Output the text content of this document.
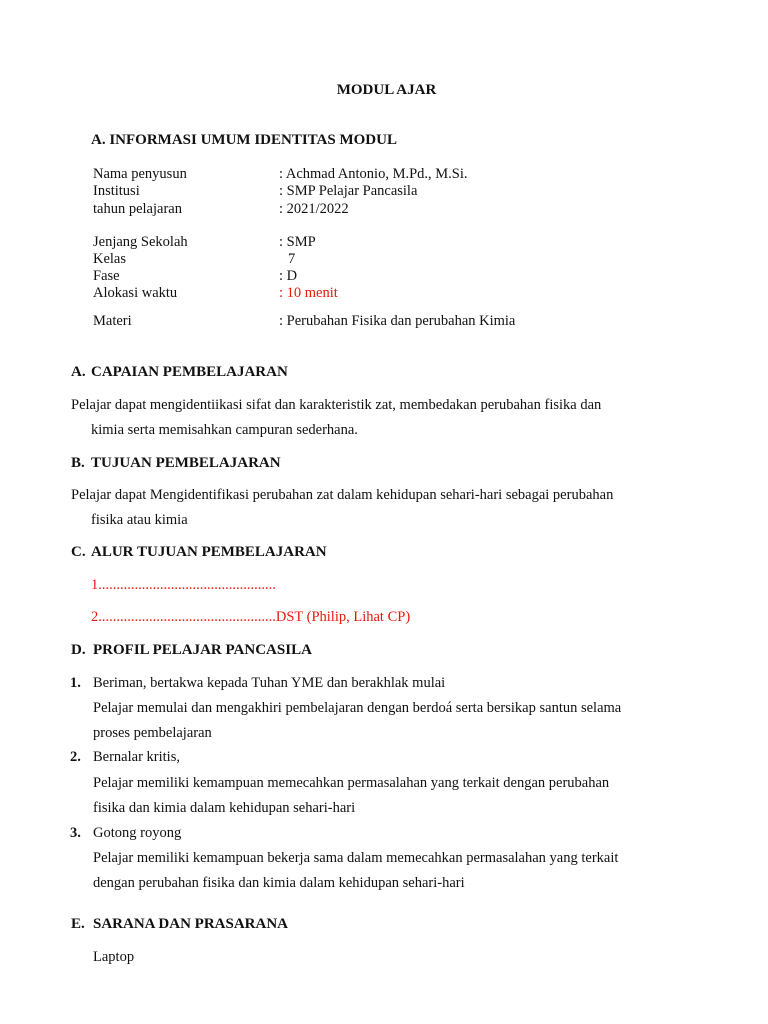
MODUL AJAR
A. INFORMASI UMUM IDENTITAS MODUL
Nama penyusun	: Achmad Antonio, M.Pd., M.Si.
Institusi	: SMP Pelajar Pancasila
tahun pelajaran	: 2021/2022
Jenjang Sekolah	: SMP
Kelas	7
Fase	: D
Alokasi waktu	: 10 menit
Materi	: Perubahan Fisika dan perubahan Kimia
A. CAPAIAN PEMBELAJARAN
Pelajar dapat mengidentiikasi sifat dan karakteristik zat, membedakan perubahan fisika dan
kimia serta memisahkan campuran sederhana.
B. TUJUAN PEMBELAJARAN
Pelajar dapat Mengidentifikasi perubahan zat dalam kehidupan sehari-hari sebagai perubahan
fisika atau kimia
C. ALUR TUJUAN PEMBELAJARAN
1.................................................
2.................................................DST (Philip, Lihat CP)
D. PROFIL PELAJAR PANCASILA
1. Beriman, bertakwa kepada Tuhan YME dan berakhlak mulai
Pelajar memulai dan mengakhiri pembelajaran dengan berdoá serta bersikap santun selama
proses pembelajaran
2. Bernalar kritis,
Pelajar memiliki kemampuan memecahkan permasalahan yang terkait dengan perubahan
fisika dan kimia dalam kehidupan sehari-hari
3. Gotong royong
Pelajar memiliki kemampuan bekerja sama dalam memecahkan permasalahan yang terkait
dengan perubahan fisika dan kimia dalam kehidupan sehari-hari
E. SARANA DAN PRASARANA
Laptop
